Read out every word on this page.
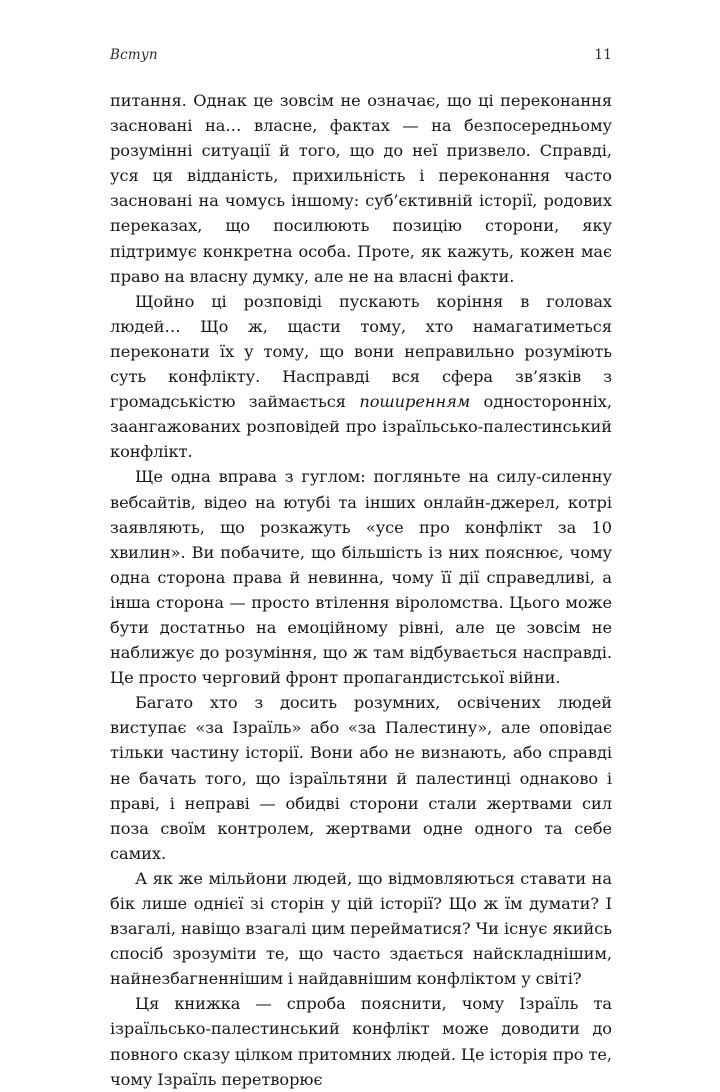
Вступ	11

питання. Однак це зовсім не означає, що ці переконання засновані на… власне, фактах — на безпосередньому розумінні ситуації й того, що до неї призвело. Справді, уся ця відданість, прихильність і переконання часто засновані на чомусь іншому: суб’єктивній історії, родових переказах, що посилюють позицію сторони, яку підтримує конкретна особа. Проте, як кажуть, кожен має право на власну думку, але не на власні факти.

Щойно ці розповіді пускають коріння в головах людей… Що ж, щасти тому, хто намагатиметься переконати їх у тому, що вони неправильно розуміють суть конфлікту. Насправді вся сфера зв’язків з громадськістю займається поширенням односторонніх, заангажованих розповідей про ізраїльсько-палестинський конфлікт.

Ще одна вправа з гуглом: погляньте на силу-силенну вебсайтів, відео на ютубі та інших онлайн-джерел, котрі заявляють, що розкажуть «усе про конфлікт за 10 хвилин». Ви побачите, що більшість із них пояснює, чому одна сторона права й невинна, чому її дії справедливі, а інша сторона — просто втілення віроломства. Цього може бути достатньо на емоційному рівні, але це зовсім не наближує до розуміння, що ж там відбувається насправді. Це просто черговий фронт пропагандистської війни.

Багато хто з досить розумних, освічених людей виступає «за Ізраїль» або «за Палестину», але оповідає тільки частину історії. Вони або не визнають, або справді не бачать того, що ізраїльтяни й палестинці однаково і праві, і неправі — обидві сторони стали жертвами сил поза своїм контролем, жертвами одне одного та себе самих.

А як же мільйони людей, що відмовляються ставати на бік лише однієї зі сторін у цій історії? Що ж їм думати? І взагалі, навіщо взагалі цим перейматися? Чи існує якийсь спосіб зрозуміти те, що часто здається найскладнішим, найнезбагненнішим і найдавнішим конфліктом у світі?

Ця книжка — спроба пояснити, чому Ізраїль та ізраїльсько-палестинський конфлікт може доводити до повного сказу цілком притомних людей. Це історія про те, чому Ізраїль перетворює
